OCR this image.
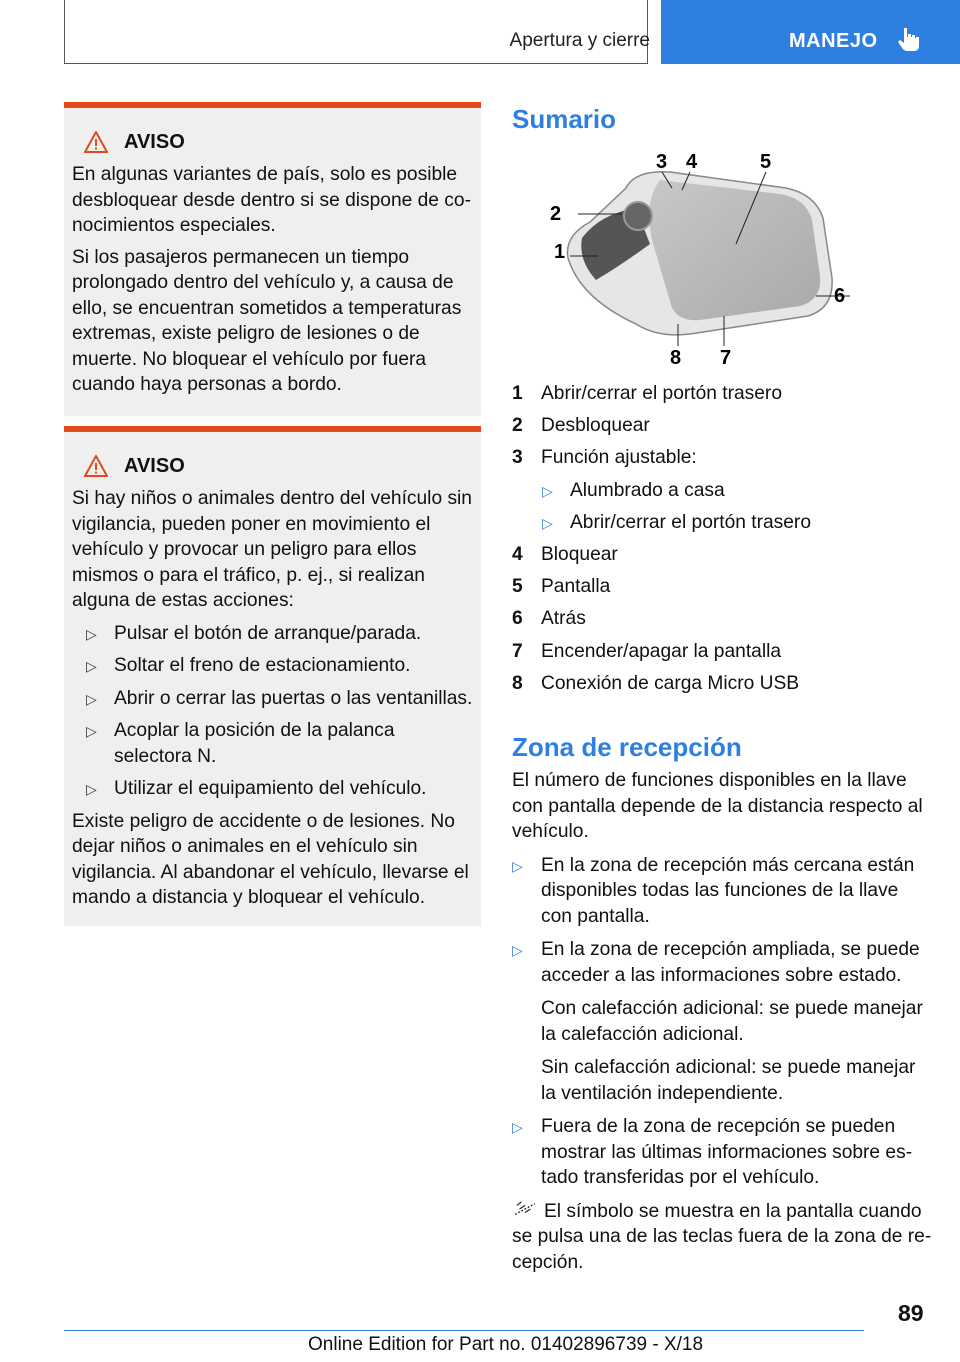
Apertura y cierre	MANEJO
AVISO

En algunas variantes de país, solo es posible desbloquear desde dentro si se dispone de conocimientos especiales.

Si los pasajeros permanecen un tiempo prolongado dentro del vehículo y, a causa de ello, se encuentran sometidos a temperaturas extremas, existe peligro de lesiones o de muerte. No bloquear el vehículo por fuera cuando haya personas a bordo.

AVISO

Si hay niños o animales dentro del vehículo sin vigilancia, pueden poner en movimiento el vehículo y provocar un peligro para ellos mismos o para el tráfico, p. ej., si realizan alguna de estas acciones:

▷ Pulsar el botón de arranque/parada.
▷ Soltar el freno de estacionamiento.
▷ Abrir o cerrar las puertas o las ventanillas.
▷ Acoplar la posición de la palanca selectora N.
▷ Utilizar el equipamiento del vehículo.

Existe peligro de accidente o de lesiones. No dejar niños o animales en el vehículo sin vigilancia. Al abandonar el vehículo, llevarse el mando a distancia y bloquear el vehículo.

Sumario
1
2
3 4	5
6
7
8
1 Abrir/cerrar el portón trasero
2 Desbloquear
3 Función ajustable:
▷ Alumbrado a casa
▷ Abrir/cerrar el portón trasero
4 Bloquear
5 Pantalla
6 Atrás
7 Encender/apagar la pantalla
8 Conexión de carga Micro USB
Zona de recepción

El número de funciones disponibles en la llave con pantalla depende de la distancia respecto al vehículo.

▷ En la zona de recepción más cercana están disponibles todas las funciones de la llave con pantalla.
▷ En la zona de recepción ampliada, se puede acceder a las informaciones sobre estado.

Con calefacción adicional: se puede manejar la calefacción adicional.

Sin calefacción adicional: se puede manejar la ventilación independiente.

▷ Fuera de la zona de recepción se pueden mostrar las últimas informaciones sobre estado transferidas por el vehículo.

El símbolo se muestra en la pantalla cuando se pulsa una de las teclas fuera de la zona de recepción.

89
Online Edition for Part no. 01402896739 - X/18
